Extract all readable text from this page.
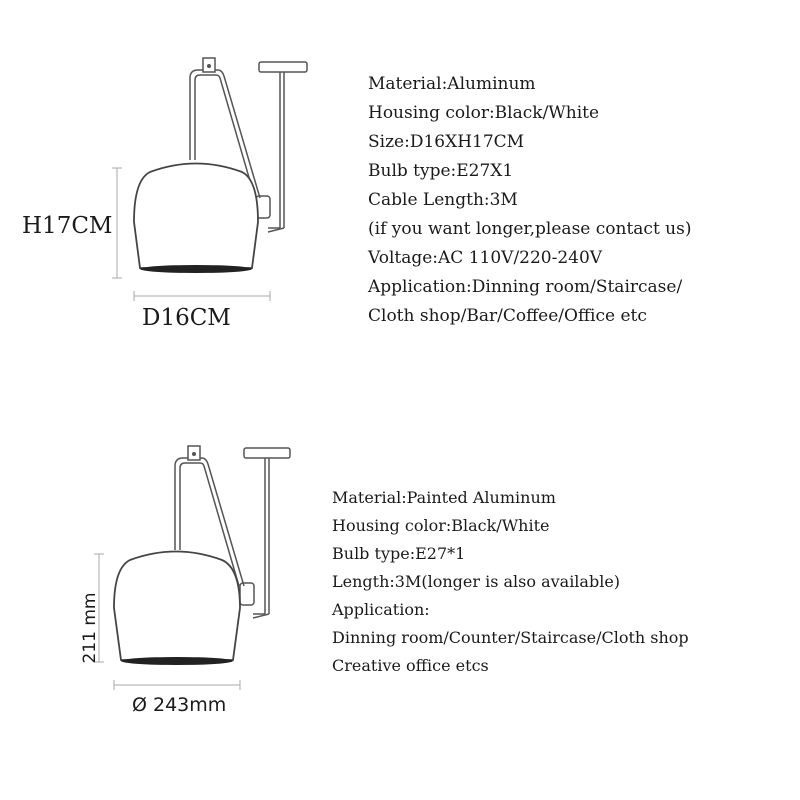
H17CM
D16CM
Material:Aluminum
Housing color:Black/White
Size:D16XH17CM
Bulb type:E27X1
Cable Length:3M
(if you want longer,please contact us)
Voltage:AC 110V/220-240V
Application:Dinning room/Staircase/
Cloth shop/Bar/Coffee/Office etc
211 mm
Ø 243mm
Material:Painted Aluminum
Housing color:Black/White
Bulb type:E27*1
Length:3M(longer is also available)
Application:
Dinning room/Counter/Staircase/Cloth shop
Creative office etcs
